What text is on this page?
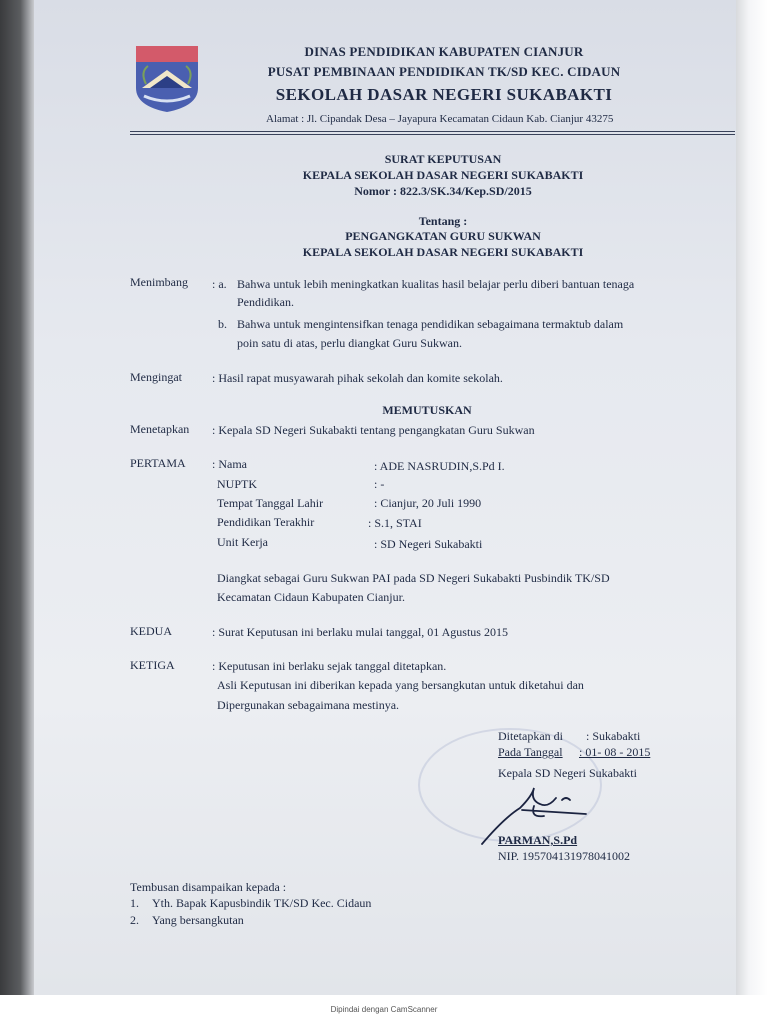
DINAS PENDIDIKAN KABUPATEN CIANJUR
PUSAT PEMBINAAN PENDIDIKAN TK/SD KEC. CIDAUN
SEKOLAH DASAR NEGERI SUKABAKTI
Alamat : Jl. Cipandak Desa – Jayapura Kecamatan Cidaun Kab. Cianjur 43275
SURAT KEPUTUSAN
KEPALA SEKOLAH DASAR NEGERI SUKABAKTI
Nomor : 822.3/SK.34/Kep.SD/2015
Tentang :
PENGANGKATAN GURU SUKWAN
KEPALA SEKOLAH DASAR NEGERI SUKABAKTI
Menimbang : a. Bahwa untuk lebih meningkatkan kualitas hasil belajar perlu diberi bantuan tenaga
Pendidikan.
b. Bahwa untuk mengintensifkan tenaga pendidikan sebagaimana termaktub dalam
poin satu di atas, perlu diangkat Guru Sukwan.
Mengingat	: Hasil rapat musyawarah pihak sekolah dan komite sekolah.
MEMUTUSKAN
Menetapkan : Kepala SD Negeri Sukabakti tentang pengangkatan Guru Sukwan
PERTAMA : Nama	: ADE NASRUDIN,S.Pd I.
NUPTK	: -
Tempat Tanggal Lahir	: Cianjur, 20 Juli 1990
Pendidikan Terakhir	: S.1, STAI
Unit Kerja	: SD Negeri Sukabakti
Diangkat sebagai Guru Sukwan PAI pada SD Negeri Sukabakti Pusbindik TK/SD
Kecamatan Cidaun Kabupaten Cianjur.
KEDUA	: Surat Keputusan ini berlaku mulai tanggal, 01 Agustus 2015
KETIGA	: Keputusan ini berlaku sejak tanggal ditetapkan.
Asli Keputusan ini diberikan kepada yang bersangkutan untuk diketahui dan
Dipergunakan sebagaimana mestinya.
Ditetapkan di : Sukabakti
Pada Tanggal : 01- 08 - 2015
Kepala SD Negeri Sukabakti
PARMAN,S.Pd
NIP. 195704131978041002
Tembusan disampaikan kepada :
1. Yth. Bapak Kapusbindik TK/SD Kec. Cidaun
2. Yang bersangkutan
Dipindai dengan CamScanner
